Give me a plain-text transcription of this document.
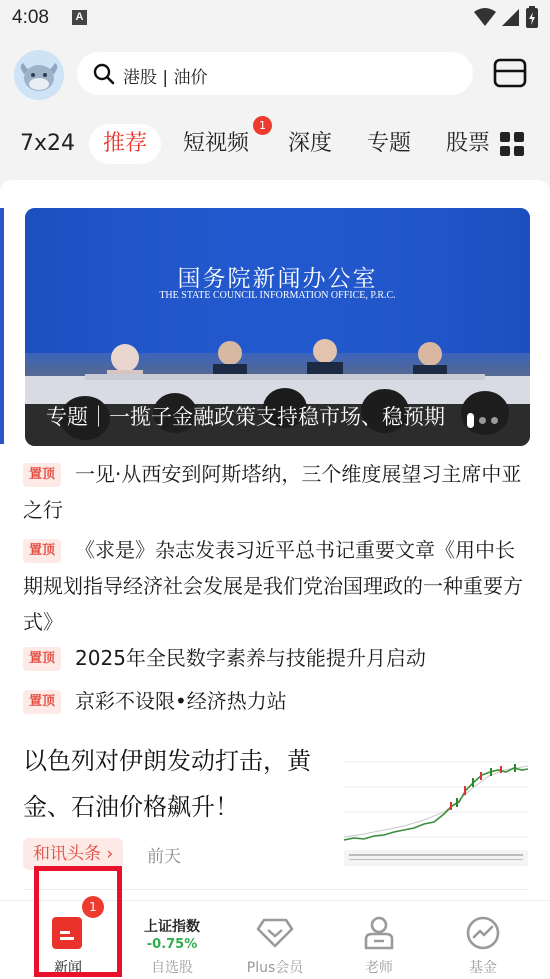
4:08	A
港股 | 油价
7x24	推荐	短视频
1
深度 专题 股票
国务院新闻办公室
THE STATE COUNCIL INFORMATION OFFICE, P.R.C.
专题｜一揽子金融政策支持稳市场、稳预期
置顶 一见·从西安到阿斯塔纳，三个维度展望习主席中亚之行
置顶 《求是》杂志发表习近平总书记重要文章《用中长期规划指导经济社会发展是我们党治国理政的一种重要方式》
置顶 2025年全民数字素养与技能提升月启动
置顶 京彩不设限•经济热力站
以色列对伊朗发动打击，黄金、石油价格飙升！
和讯头条 ›	前天
新闻
1
上证指数
-0.75%
自选股	Plus会员	老师	基金
